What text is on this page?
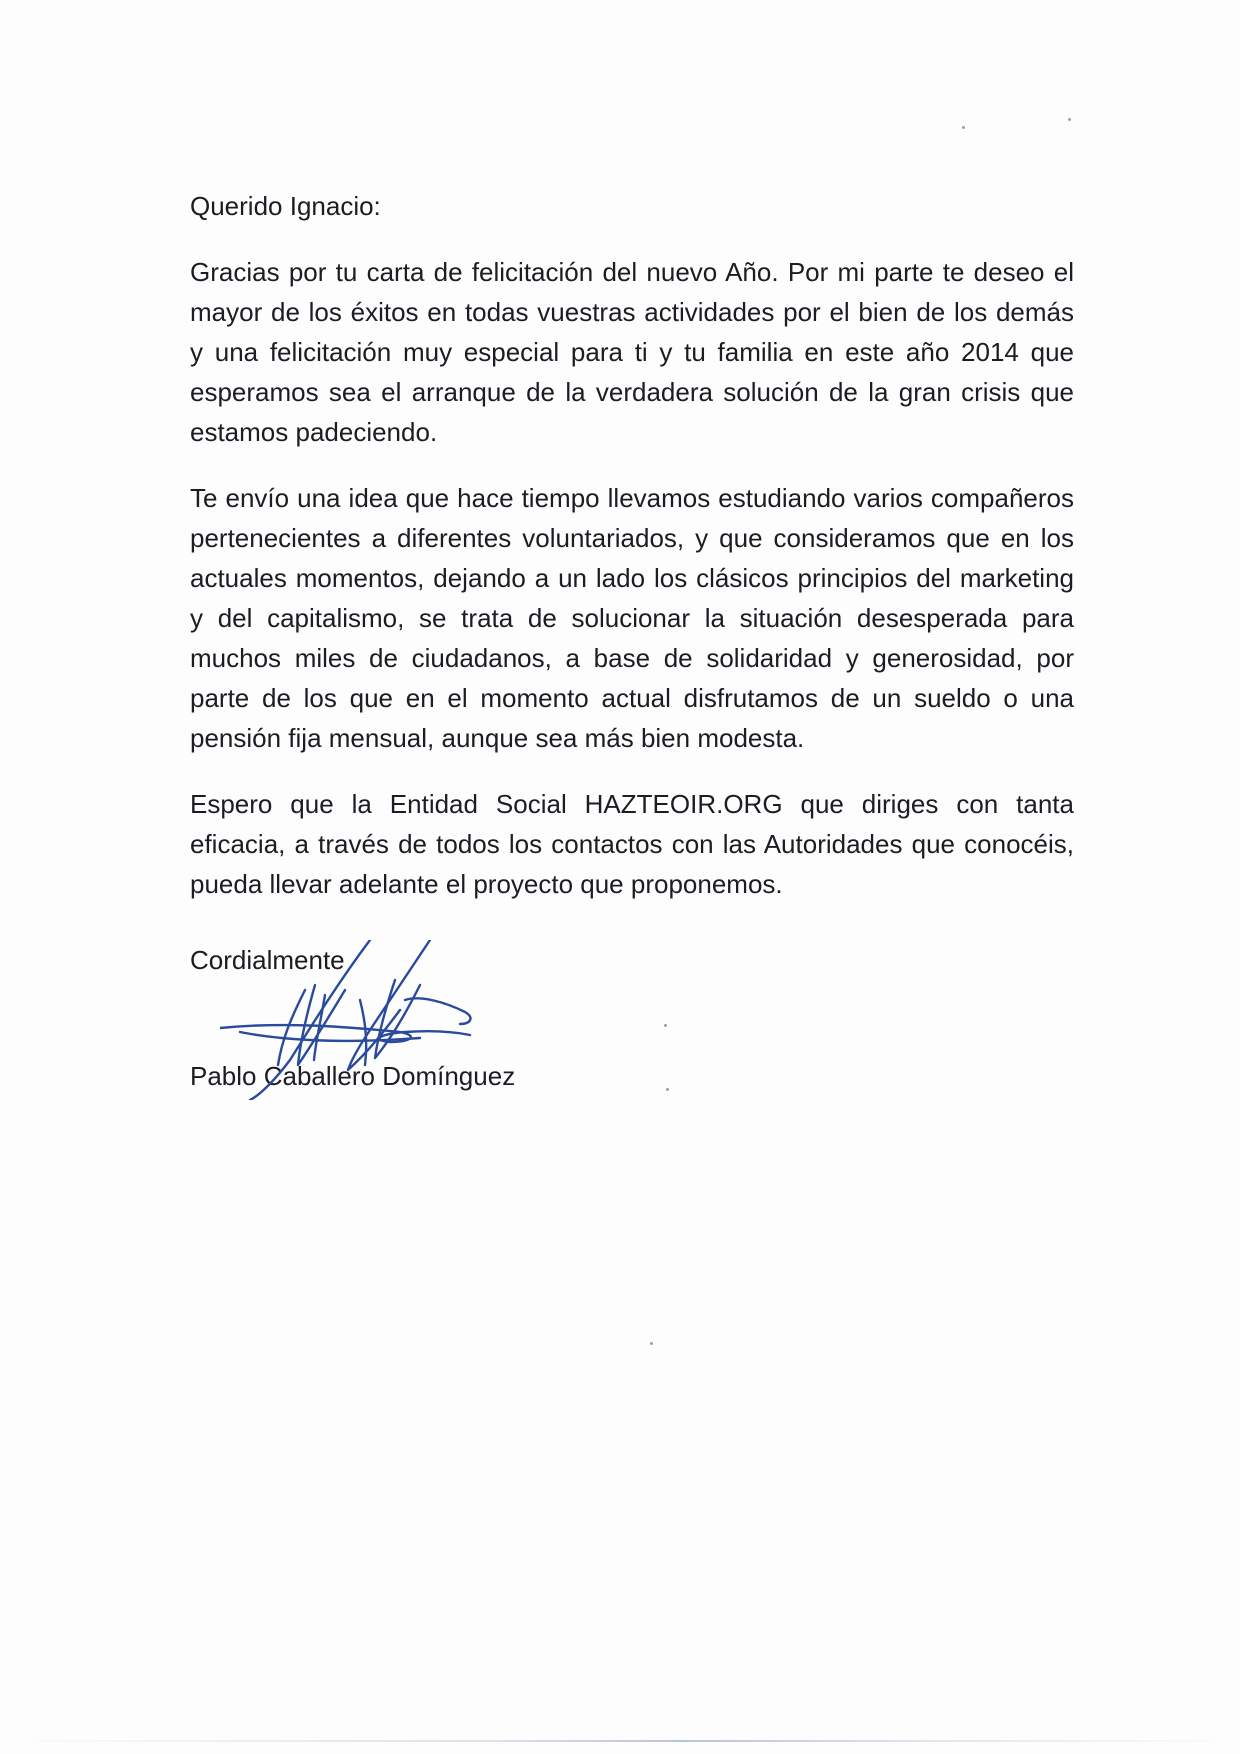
Querido Ignacio:

Gracias por tu carta de felicitación del nuevo Año. Por mi parte te deseo el mayor de los éxitos en todas vuestras actividades por el bien de los demás y una felicitación muy especial para ti y tu familia en este año 2014 que esperamos sea el arranque de la verdadera solución de la gran crisis que estamos padeciendo.

Te envío una idea que hace tiempo llevamos estudiando varios compañeros pertenecientes a diferentes voluntariados, y que consideramos que en los actuales momentos, dejando a un lado los clásicos principios del marketing y del capitalismo, se trata de solucionar la situación desesperada para muchos miles de ciudadanos, a base de solidaridad y generosidad, por parte de los que en el momento actual disfrutamos de un sueldo o una pensión fija mensual, aunque sea más bien modesta.

Espero que la Entidad Social HAZTEOIR.ORG que diriges con tanta eficacia, a través de todos los contactos con las Autoridades que conocéis, pueda llevar adelante el proyecto que proponemos.

Cordialmente

Pablo Caballero Domínguez
